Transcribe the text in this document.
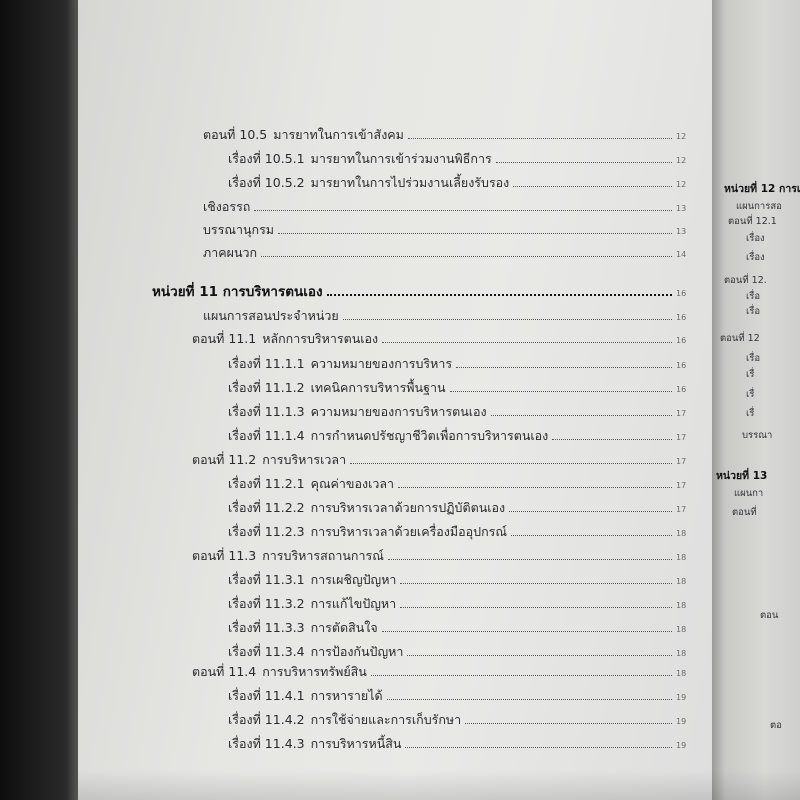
ตอนที่ 10.5 มารยาทในการเข้าสังคม	12
เรื่องที่ 10.5.1 มารยาทในการเข้าร่วมงานพิธีการ	12
เรื่องที่ 10.5.2 มารยาทในการไปร่วมงานเลี้ยงรับรอง	12
เชิงอรรถ	13
บรรณานุกรม	13
ภาคผนวก	14
หน่วยที่ 11 การบริหารตนเอง	16
แผนการสอนประจำหน่วย	16
ตอนที่ 11.1 หลักการบริหารตนเอง	16
เรื่องที่ 11.1.1 ความหมายของการบริหาร	16
เรื่องที่ 11.1.2 เทคนิคการบริหารพื้นฐาน	16
เรื่องที่ 11.1.3 ความหมายของการบริหารตนเอง	17
เรื่องที่ 11.1.4 การกำหนดปรัชญาชีวิตเพื่อการบริหารตนเอง	17
ตอนที่ 11.2 การบริหารเวลา	17
เรื่องที่ 11.2.1 คุณค่าของเวลา	17
เรื่องที่ 11.2.2 การบริหารเวลาด้วยการปฏิบัติตนเอง	17
เรื่องที่ 11.2.3 การบริหารเวลาด้วยเครื่องมืออุปกรณ์	18
ตอนที่ 11.3 การบริหารสถานการณ์	18
เรื่องที่ 11.3.1 การเผชิญปัญหา	18
เรื่องที่ 11.3.2 การแก้ไขปัญหา	18
เรื่องที่ 11.3.3 การตัดสินใจ	18
เรื่องที่ 11.3.4 การป้องกันปัญหา	18
ตอนที่ 11.4 การบริหารทรัพย์สิน	18
เรื่องที่ 11.4.1 การหารายได้	19
เรื่องที่ 11.4.2 การใช้จ่ายและการเก็บรักษา	19
เรื่องที่ 11.4.3 การบริหารหนี้สิน	19
หน่วยที่ 12 การเ
แผนการสอ
ตอนที่ 12.1
เรื่อง
เรื่อง
ตอนที่ 12.
เรื่อ
เรื่อ
ตอนที่ 12
เรื่อ
เรื่
เรื่
เรื่
บรรณา
หน่วยที่ 13
แผนกา
ตอนที่
ตอน
ตอ
